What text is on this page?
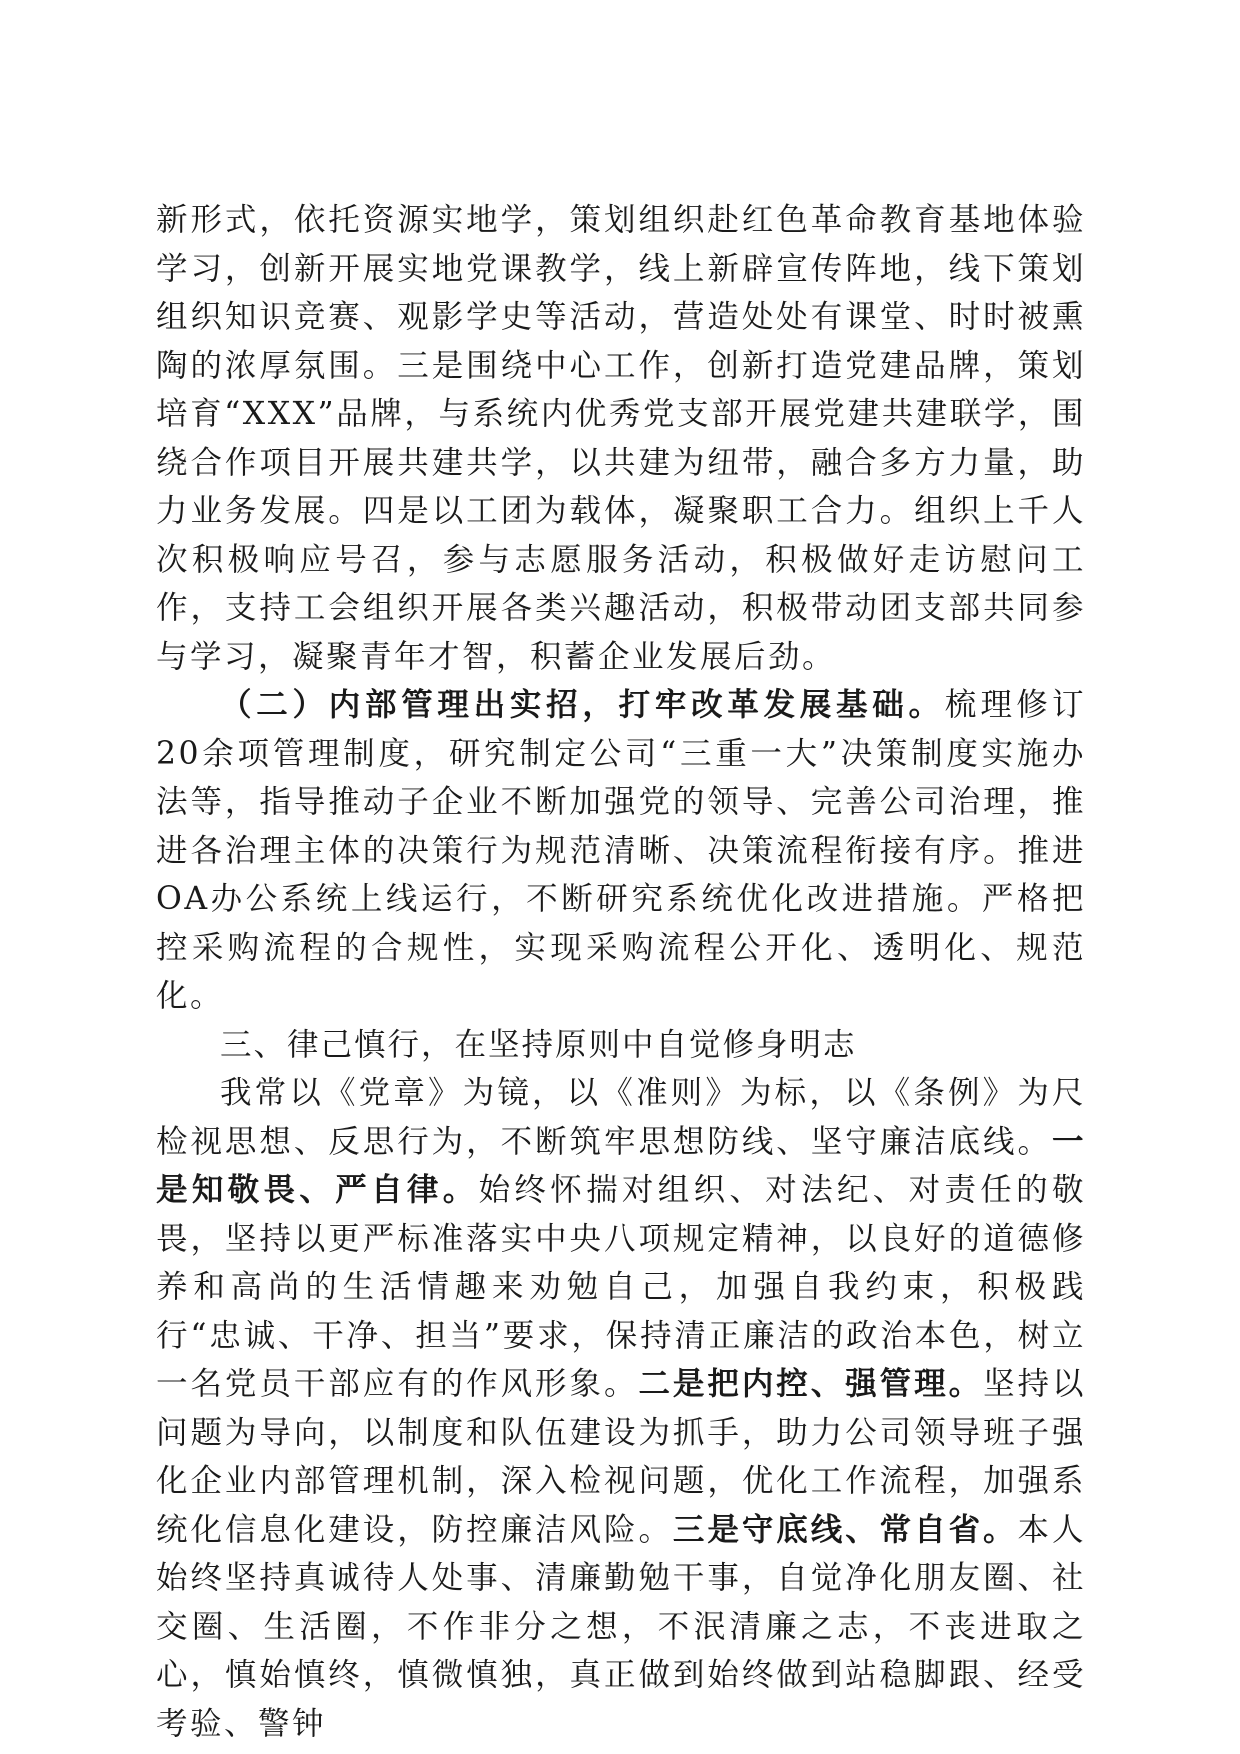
新形式，依托资源实地学，策划组织赴红色革命教育基地体验学习，创新开展实地党课教学，线上新辟宣传阵地，线下策划组织知识竞赛、观影学史等活动，营造处处有课堂、时时被熏陶的浓厚氛围。三是围绕中心工作，创新打造党建品牌，策划培育“XXX”品牌，与系统内优秀党支部开展党建共建联学，围绕合作项目开展共建共学，以共建为纽带，融合多方力量，助力业务发展。四是以工团为载体，凝聚职工合力。组织上千人次积极响应号召，参与志愿服务活动，积极做好走访慰问工作，支持工会组织开展各类兴趣活动，积极带动团支部共同参与学习，凝聚青年才智，积蓄企业发展后劲。

（二）内部管理出实招，打牢改革发展基础。梳理修订20余项管理制度，研究制定公司“三重一大”决策制度实施办法等，指导推动子企业不断加强党的领导、完善公司治理，推进各治理主体的决策行为规范清晰、决策流程衔接有序。推进OA办公系统上线运行，不断研究系统优化改进措施。严格把控采购流程的合规性，实现采购流程公开化、透明化、规范化。

三、律己慎行，在坚持原则中自觉修身明志

我常以《党章》为镜，以《准则》为标，以《条例》为尺检视思想、反思行为，不断筑牢思想防线、坚守廉洁底线。一是知敬畏、严自律。始终怀揣对组织、对法纪、对责任的敬畏，坚持以更严标准落实中央八项规定精神，以良好的道德修养和高尚的生活情趣来劝勉自己，加强自我约束，积极践行“忠诚、干净、担当”要求，保持清正廉洁的政治本色，树立一名党员干部应有的作风形象。二是把内控、强管理。坚持以问题为导向，以制度和队伍建设为抓手，助力公司领导班子强化企业内部管理机制，深入检视问题，优化工作流程，加强系统化信息化建设，防控廉洁风险。三是守底线、常自省。本人始终坚持真诚待人处事、清廉勤勉干事，自觉净化朋友圈、社交圈、生活圈，不作非分之想，不泯清廉之志，不丧进取之心，慎始慎终，慎微慎独，真正做到始终做到站稳脚跟、经受考验、警钟
